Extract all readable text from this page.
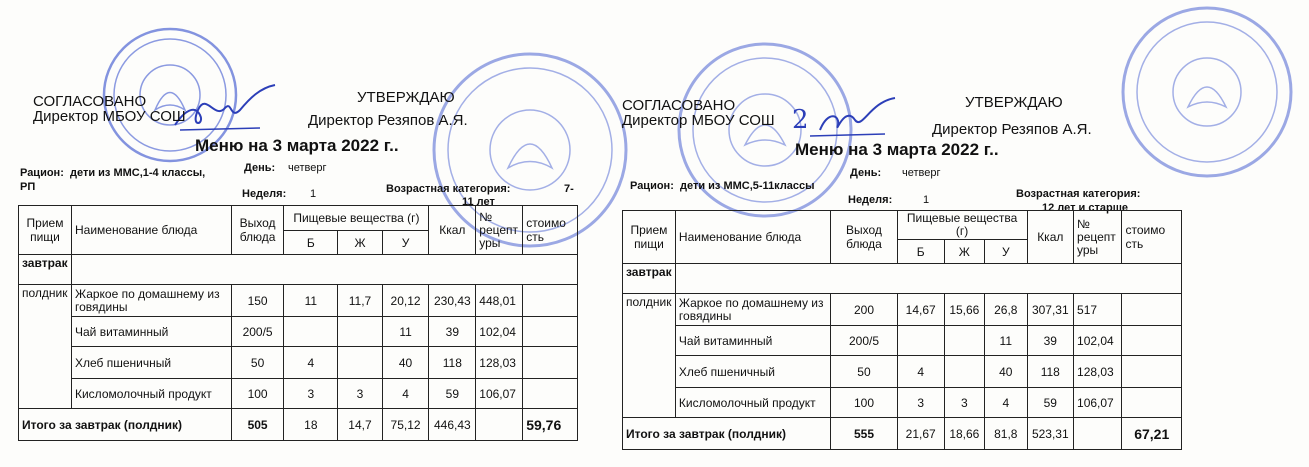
СОГЛАСОВАНО
Директор МБОУ СОШ
УТВЕРЖДАЮ
Директор Резяпов А.Я.
Меню на 3 марта 2022 г..
Рацион: дети из ММС,1-4 классы,
РП
День: четверг
Неделя: 1	Возрастная категория:	7-
11 лет
Прием
пищи	Наименование блюда	Выход
блюда	Пищевые вещества (г)			Ккал	№
рецепт
уры	стоимо
сть
			Б	Ж	У			
завтрак								
полдник	Жаркое по домашнему из
говядины	150	11	11,7	20,12	230,43	448,01	
	Чай витаминный	200/5			11	39	102,04	
	Хлеб пшеничный	50	4		40	118	128,03	
	Кисломолочный продукт	100	3	3	4	59	106,07	
Итого за завтрак (полдник)		505	18	14,7	75,12	446,43		59,76
2
СОГЛАСОВАНО
Директор МБОУ СОШ
УТВЕРЖДАЮ
Директор Резяпов А.Я.
Меню на 3 марта 2022 г..
Рацион: дети из ММС,5-11классы
День: четверг
Неделя:	1	Возрастная категория:
12 лет и старше
Прием
пищи	Наименование блюда	Выход
блюда	Пищевые вещества (г)			Ккал	№
рецепт
уры	стоимо
сть
			Б	Ж	У			
завтрак								
полдник	Жаркое по домашнему из
говядины	200	14,67	15,66	26,8	307,31	517	
	Чай витаминный	200/5			11	39	102,04	
	Хлеб пшеничный	50	4		40	118	128,03	
	Кисломолочный продукт	100	3	3	4	59	106,07	
Итого за завтрак (полдник)		555	21,67	18,66	81,8	523,31		67,21
